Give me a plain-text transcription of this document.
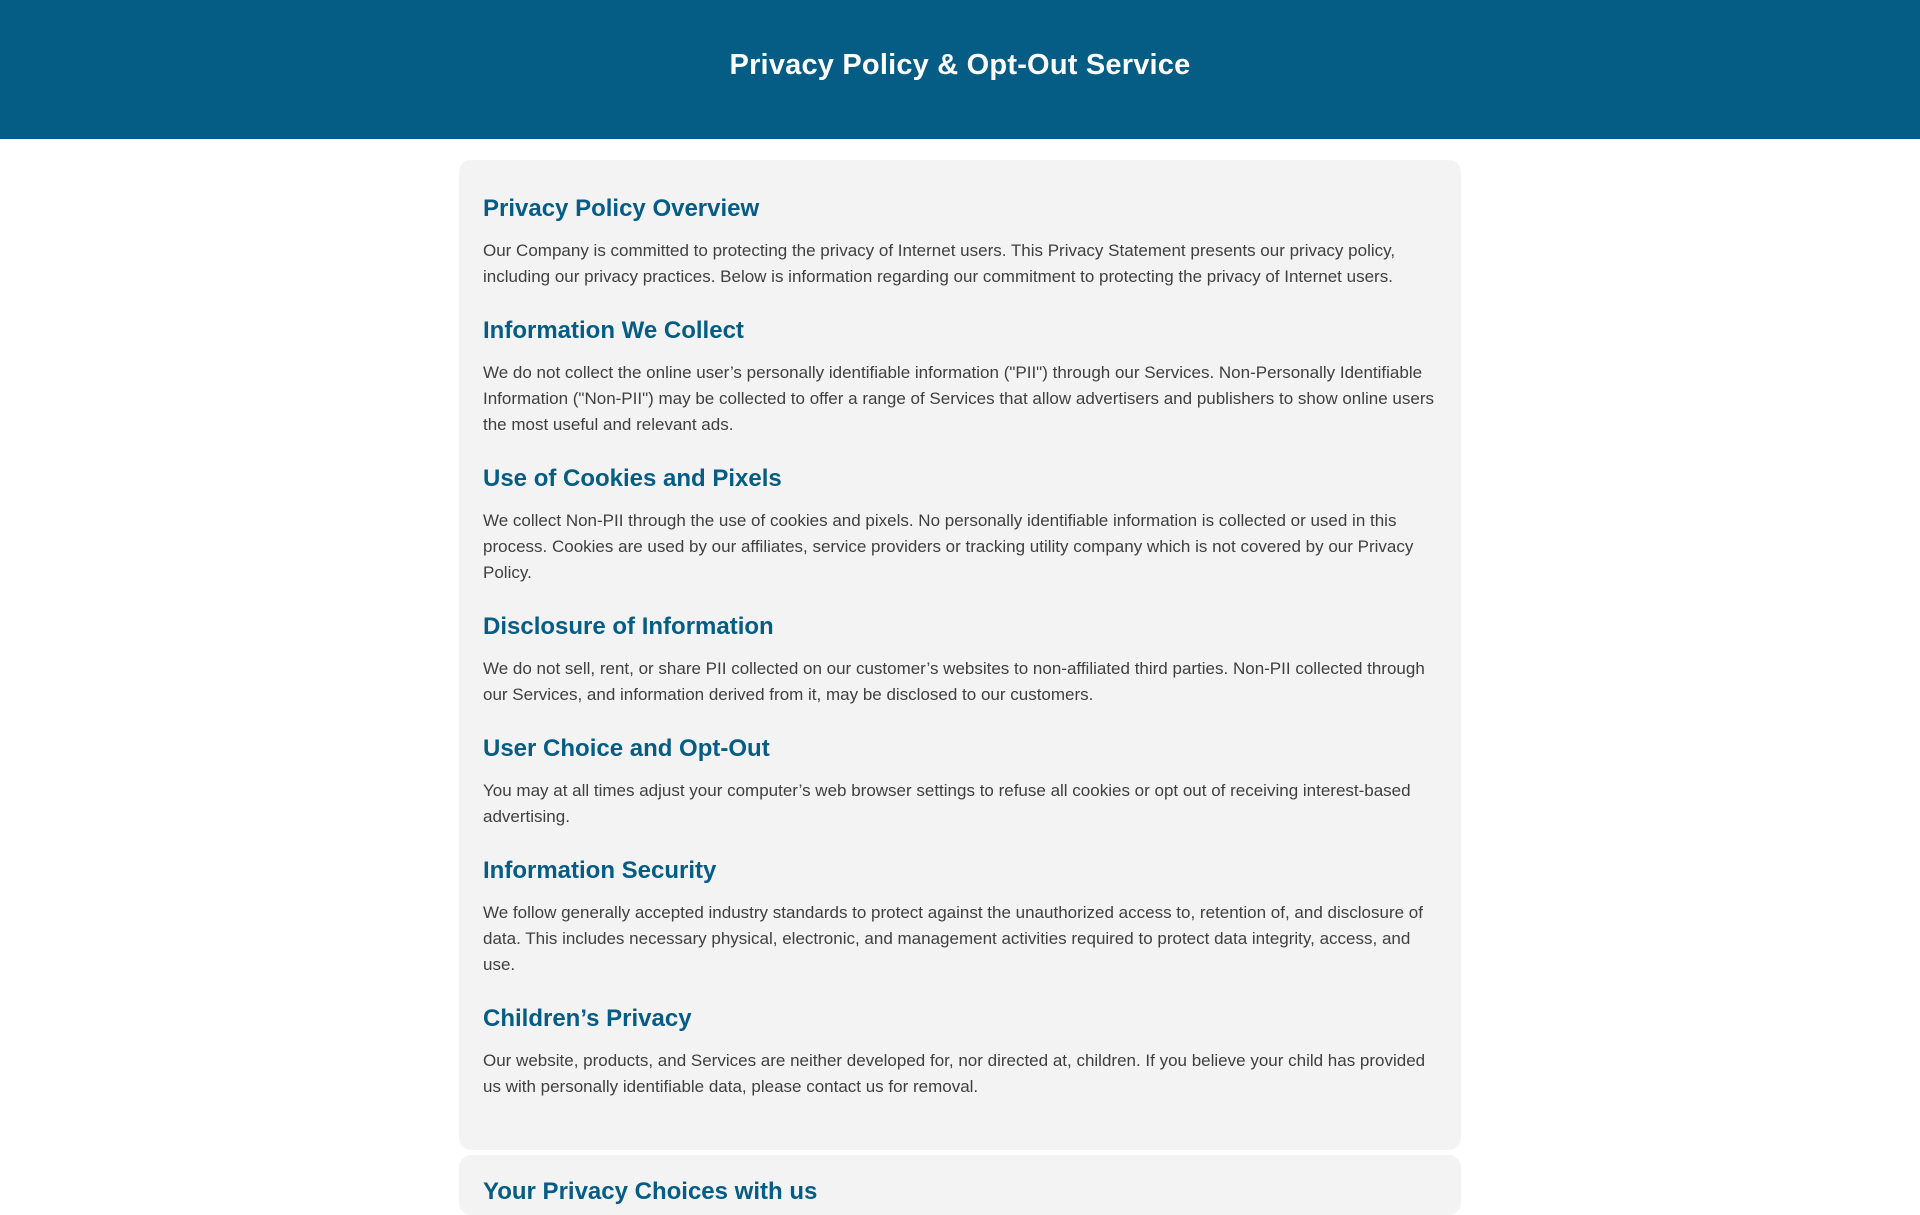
Privacy Policy & Opt-Out Service
Privacy Policy Overview

Our Company is committed to protecting the privacy of Internet users. This Privacy Statement presents our privacy policy, including our privacy practices. Below is information regarding our commitment to protecting the privacy of Internet users.

Information We Collect

We do not collect the online user’s personally identifiable information ("PII") through our Services. Non-Personally Identifiable Information ("Non-PII") may be collected to offer a range of Services that allow advertisers and publishers to show online users the most useful and relevant ads.

Use of Cookies and Pixels

We collect Non-PII through the use of cookies and pixels. No personally identifiable information is collected or used in this process. Cookies are used by our affiliates, service providers or tracking utility company which is not covered by our Privacy Policy.

Disclosure of Information

We do not sell, rent, or share PII collected on our customer’s websites to non-affiliated third parties. Non-PII collected through our Services, and information derived from it, may be disclosed to our customers.

User Choice and Opt-Out

You may at all times adjust your computer’s web browser settings to refuse all cookies or opt out of receiving interest-based advertising.

Information Security

We follow generally accepted industry standards to protect against the unauthorized access to, retention of, and disclosure of data. This includes necessary physical, electronic, and management activities required to protect data integrity, access, and use.

Children’s Privacy

Our website, products, and Services are neither developed for, nor directed at, children. If you believe your child has provided us with personally identifiable data, please contact us for removal.

Your Privacy Choices with us
